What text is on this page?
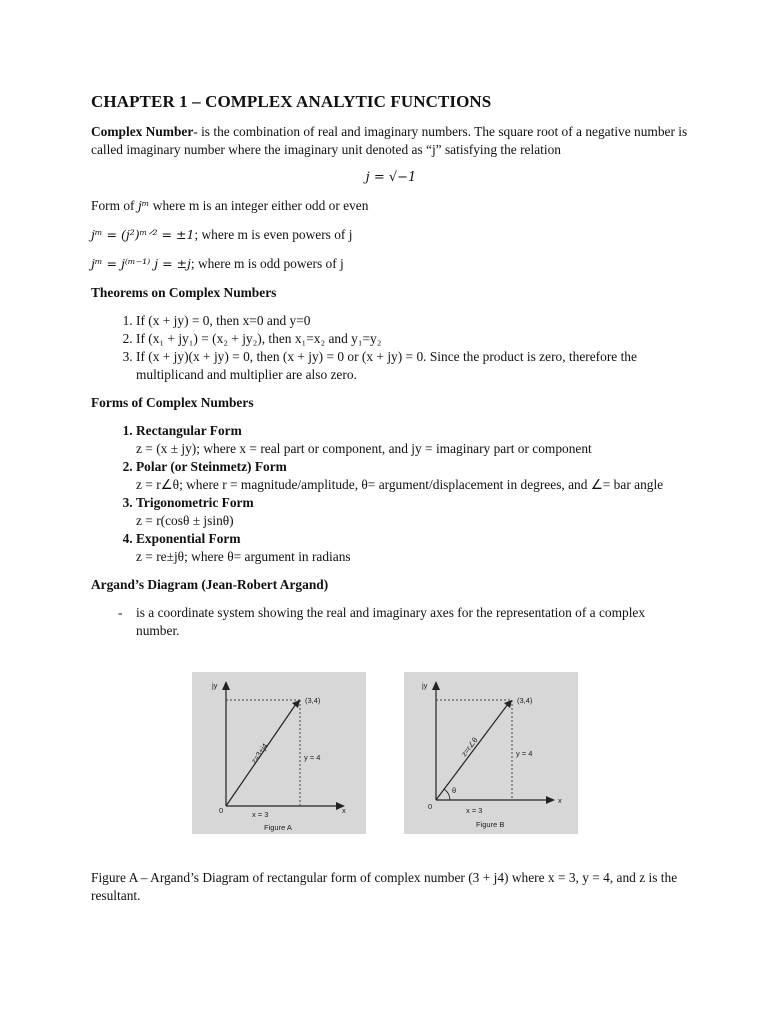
CHAPTER 1 – COMPLEX ANALYTIC FUNCTIONS

Complex Number- is the combination of real and imaginary numbers. The square root of a negative number is called imaginary number where the imaginary unit denoted as “j” satisfying the relation

j = √−1

Form of jᵐ where m is an integer either odd or even

jᵐ = (j²)ᵐᐟ² = ±1; where m is even powers of j

jᵐ = j⁽ᵐ⁻¹⁾ j = ±j; where m is odd powers of j

Theorems on Complex Numbers
1. If (x + jy) = 0, then x=0 and y=0
2. If (x₁ + jy₁) = (x₂ + jy₂), then x₁=x₂ and y₁=y₂
3. If (x + jy)(x + jy) = 0, then (x + jy) = 0 or (x + jy) = 0. Since the product is zero, therefore the multiplicand and multiplier are also zero.
Forms of Complex Numbers
1. Rectangular Form
z = (x ± jy); where x = real part or component, and jy = imaginary part or component
2. Polar (or Steinmetz) Form
z = r∠θ; where r = magnitude/amplitude, θ= argument/displacement in degrees, and ∠= bar angle
3. Trigonometric Form
z = r(cosθ ± jsinθ)
4. Exponential Form
z = re±jθ; where θ= argument in radians
Argand’s Diagram (Jean-Robert Argand)
-	is a coordinate system showing the real and imaginary axes for the representation of a complex number.
jy
x
0
(3,4)
y = 4
x = 3
z=3+j4
Figure A
θ
jy
x
0
(3,4)
y = 4
x = 3
z=r∠θ
Figure B

Figure A – Argand’s Diagram of rectangular form of complex number (3 + j4) where x = 3, y = 4, and z is the resultant.
